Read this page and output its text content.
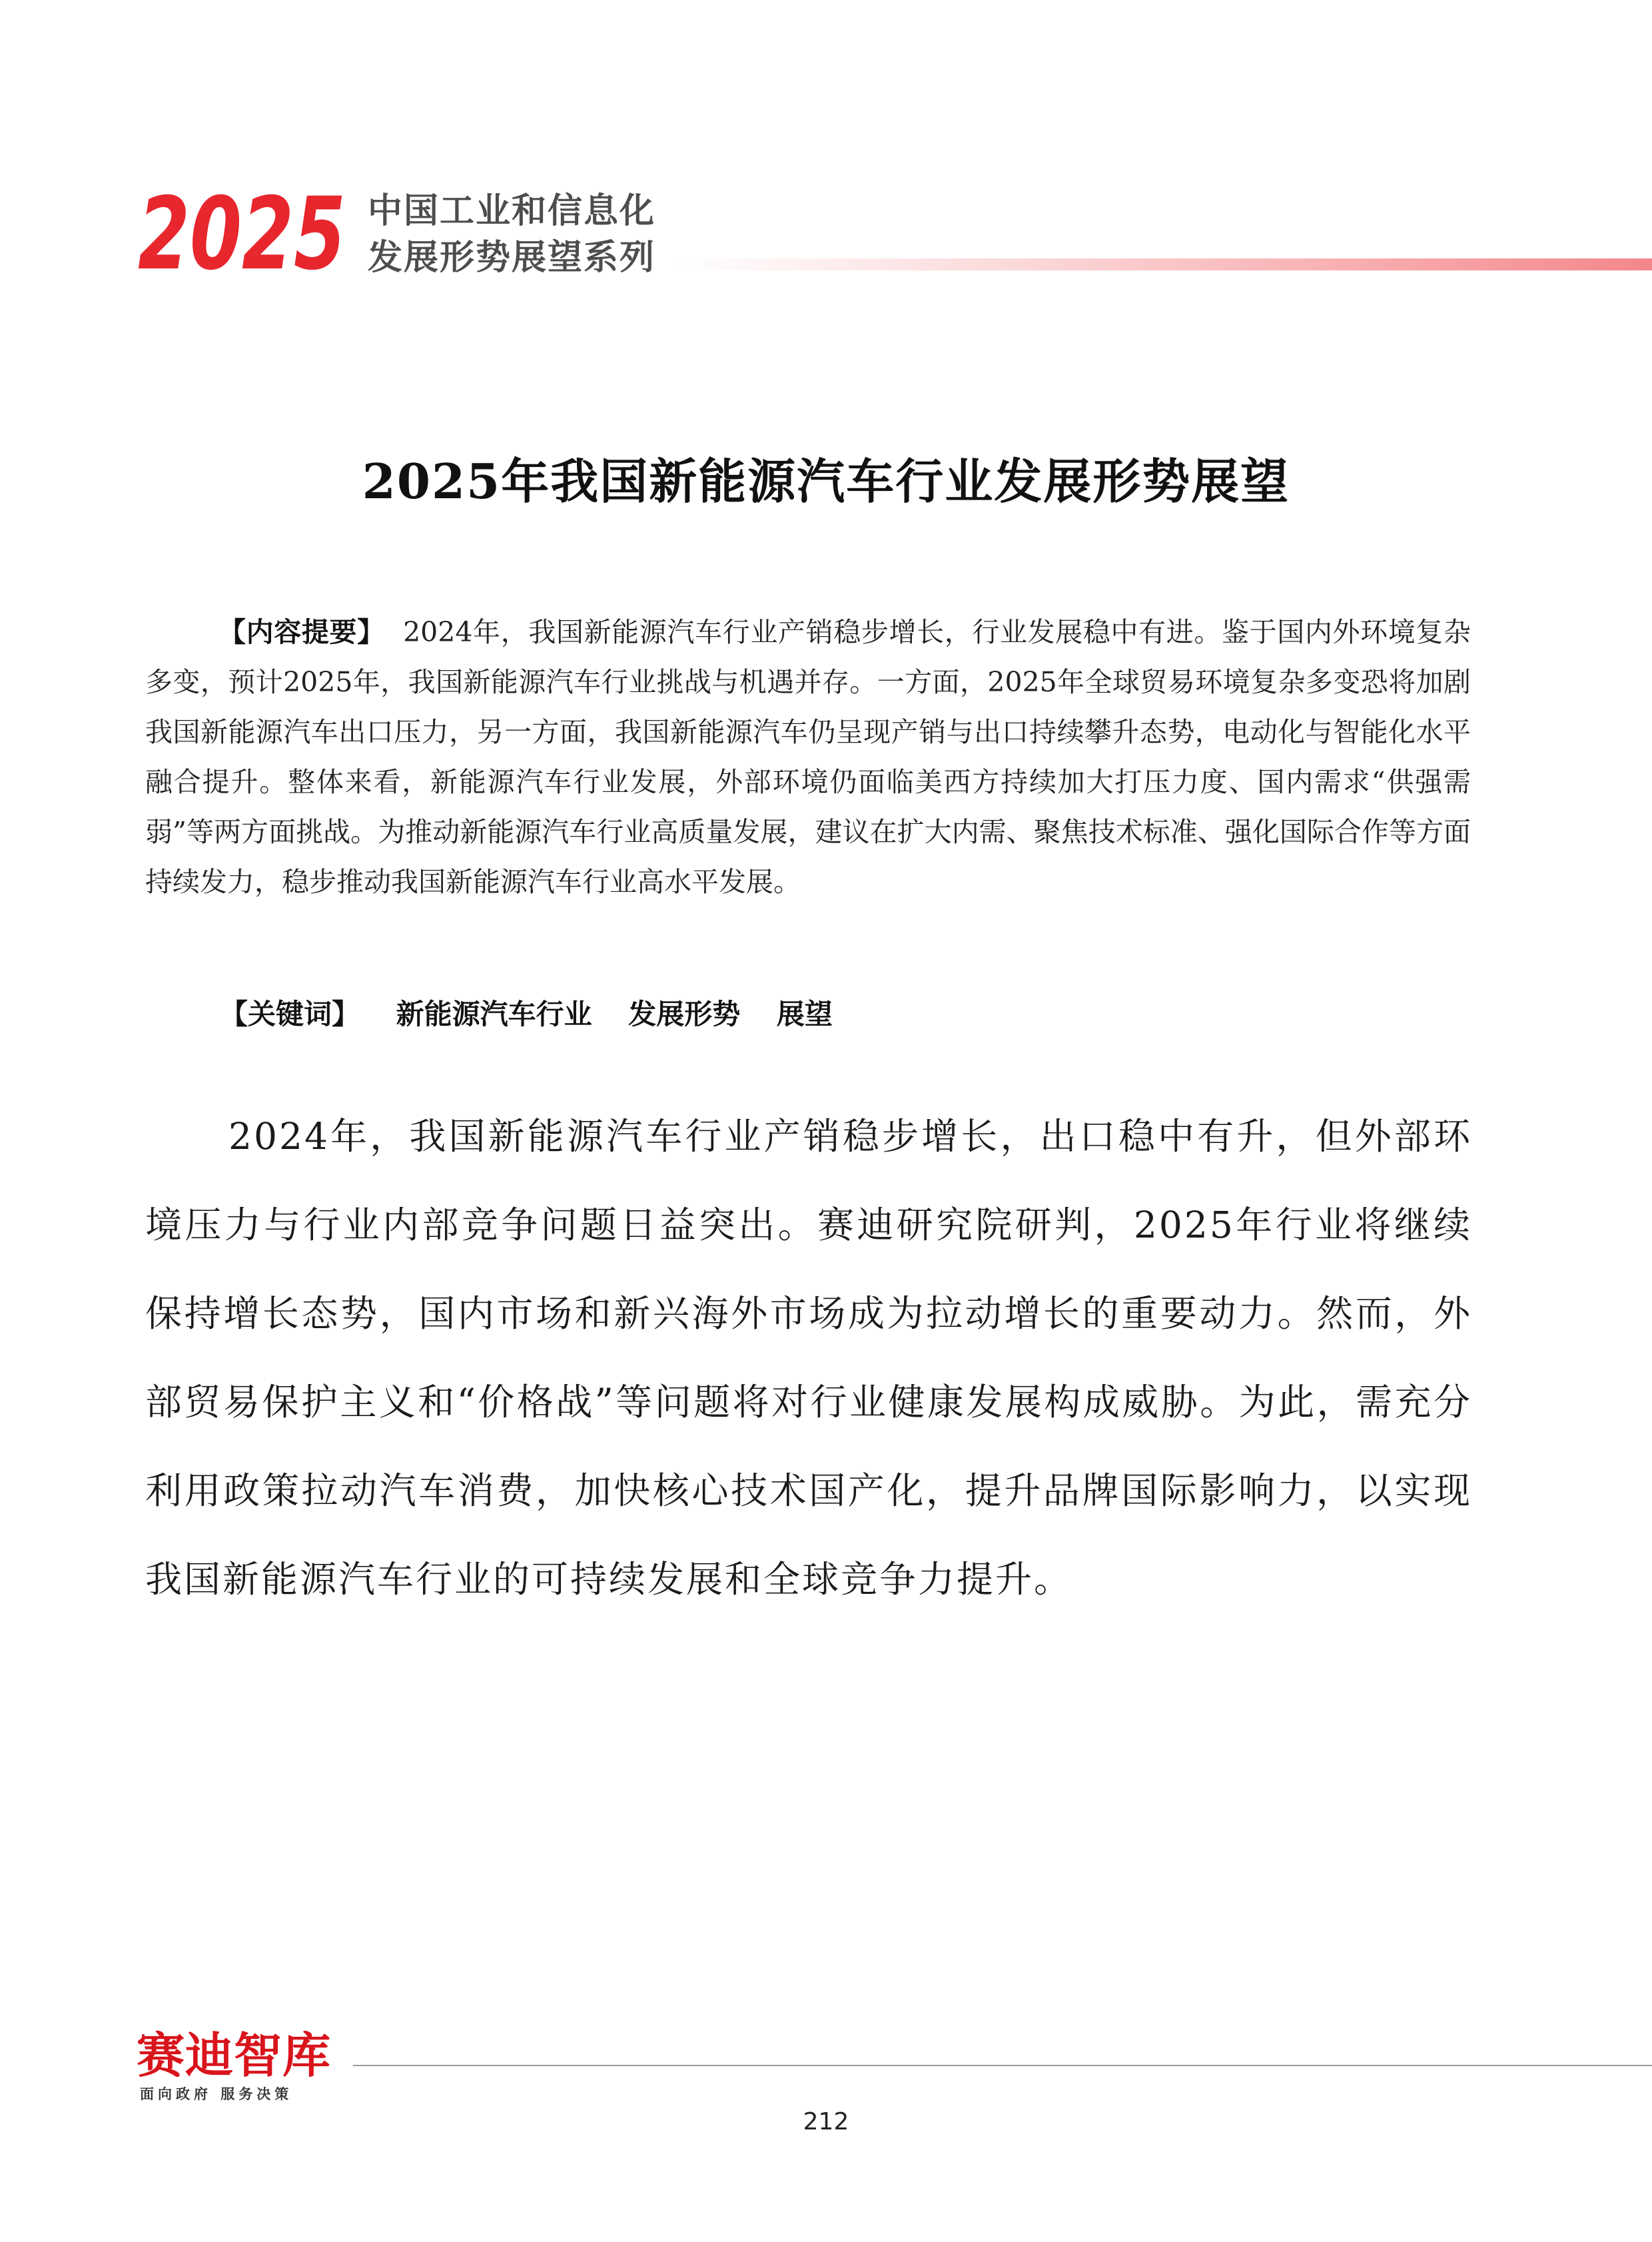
2025 中国工业和信息化
发展形势展望系列
2025年我国新能源汽车行业发展形势展望

【内容提要】 2024年，我国新能源汽车行业产销稳步增长，行业发展稳中有进。鉴于国内外环境复杂多变，预计2025年，我国新能源汽车行业挑战与机遇并存。一方面，2025年全球贸易环境复杂多变恐将加剧我国新能源汽车出口压力，另一方面，我国新能源汽车仍呈现产销与出口持续攀升态势，电动化与智能化水平融合提升。整体来看，新能源汽车行业发展，外部环境仍面临美西方持续加大打压力度、国内需求“供强需弱”等两方面挑战。为推动新能源汽车行业高质量发展，建议在扩大内需、聚焦技术标准、强化国际合作等方面持续发力，稳步推动我国新能源汽车行业高水平发展。

【关键词】 新能源汽车行业 发展形势 展望

2024年，我国新能源汽车行业产销稳步增长，出口稳中有升，但外部环境压力与行业内部竞争问题日益突出。赛迪研究院研判，2025年行业将继续保持增长态势，国内市场和新兴海外市场成为拉动增长的重要动力。然而，外部贸易保护主义和“价格战”等问题将对行业健康发展构成威胁。为此，需充分利用政策拉动汽车消费，加快核心技术国产化，提升品牌国际影响力，以实现我国新能源汽车行业的可持续发展和全球竞争力提升。

赛迪智库
面向政府 服务决策
212
